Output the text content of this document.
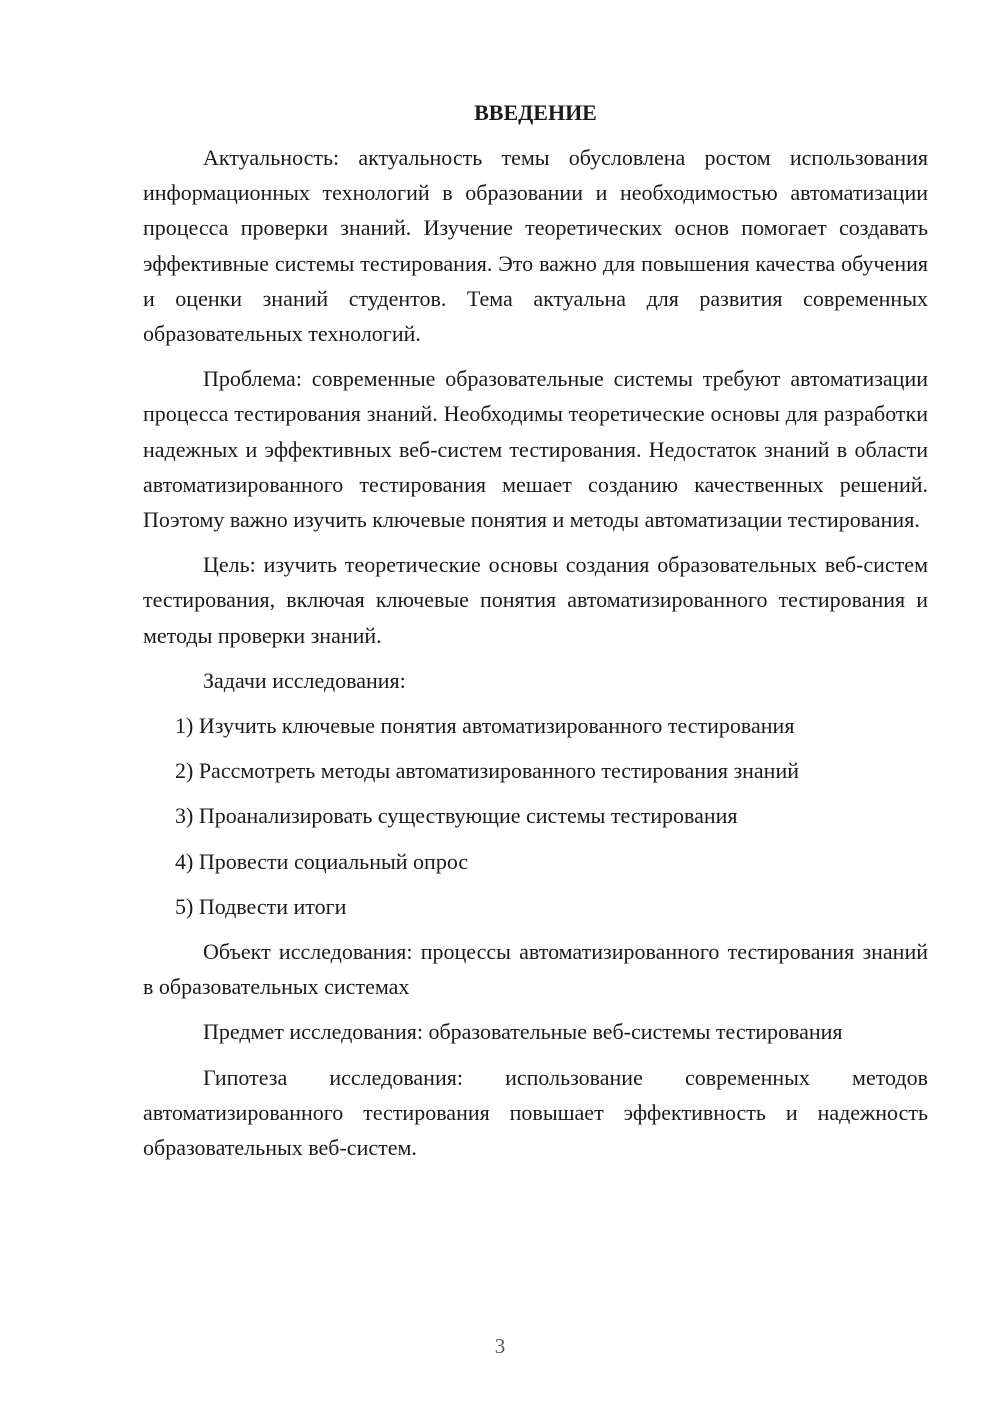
ВВЕДЕНИЕ

Актуальность: актуальность темы обусловлена ростом использования информационных технологий в образовании и необходимостью автоматизации процесса проверки знаний. Изучение теоретических основ помогает создавать эффективные системы тестирования. Это важно для повышения качества обучения и оценки знаний студентов. Тема актуальна для развития современных образовательных технологий.

Проблема: современные образовательные системы требуют автоматизации процесса тестирования знаний. Необходимы теоретические основы для разработки надежных и эффективных веб-систем тестирования. Недостаток знаний в области автоматизированного тестирования мешает созданию качественных решений. Поэтому важно изучить ключевые понятия и методы автоматизации тестирования.

Цель: изучить теоретические основы создания образовательных веб-систем тестирования, включая ключевые понятия автоматизированного тестирования и методы проверки знаний.

Задачи исследования:

1) Изучить ключевые понятия автоматизированного тестирования
2) Рассмотреть методы автоматизированного тестирования знаний
3) Проанализировать существующие системы тестирования
4) Провести социальный опрос
5) Подвести итоги

Объект исследования: процессы автоматизированного тестирования знаний в образовательных системах

Предмет исследования: образовательные веб-системы тестирования

Гипотеза исследования: использование современных методов автоматизированного тестирования повышает эффективность и надежность образовательных веб-систем.

3
